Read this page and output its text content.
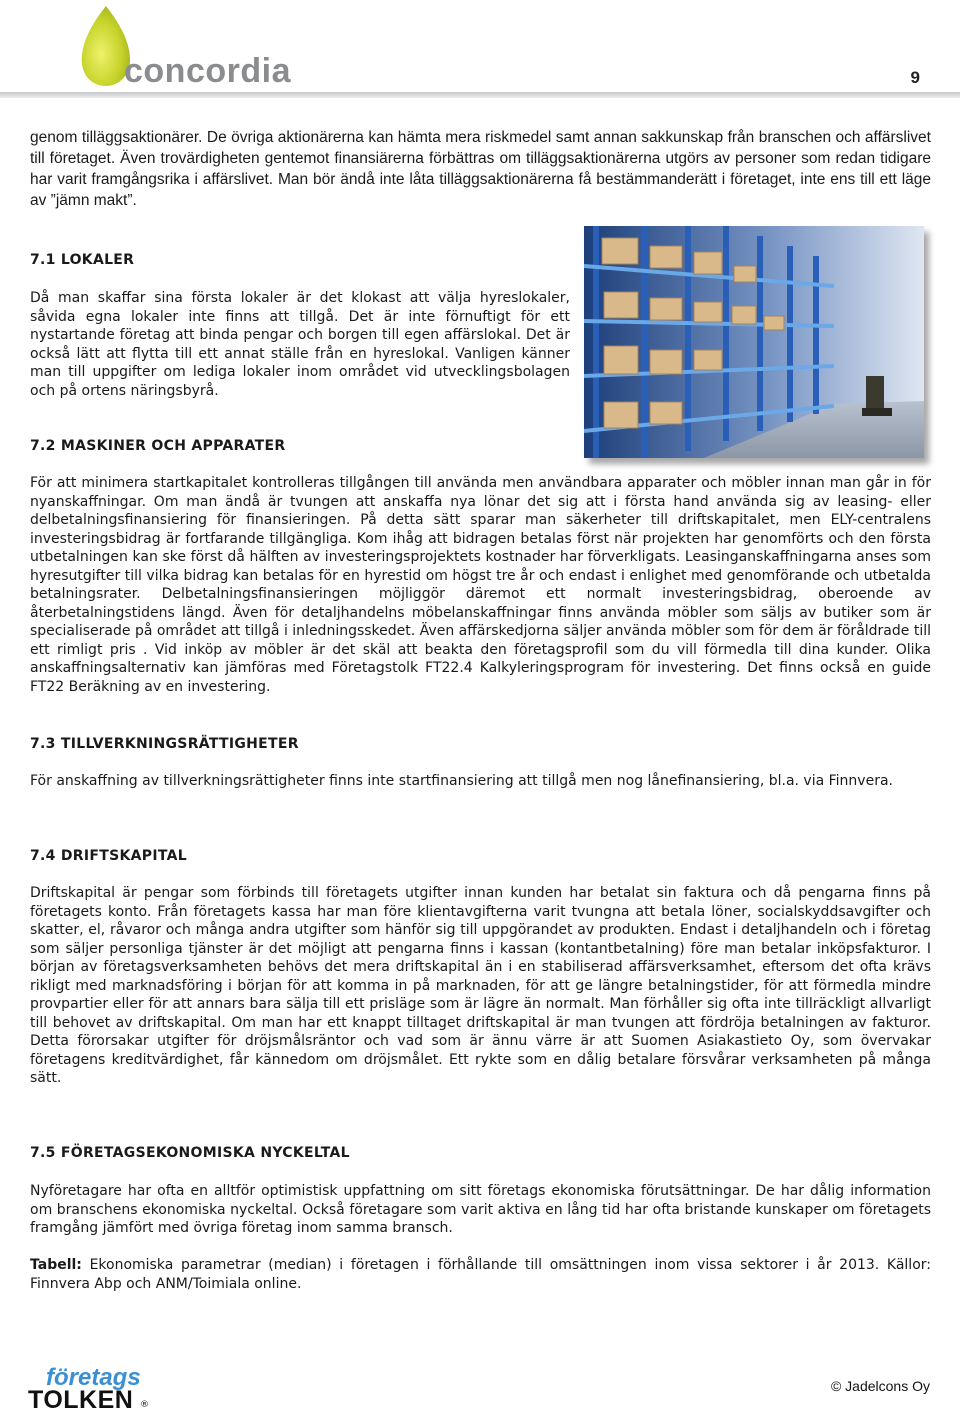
concordia	9

genom tilläggsaktionärer. De övriga aktionärerna kan hämta mera riskmedel samt annan sakkunskap från branschen och affärslivet till företaget. Även trovärdigheten gentemot finansiärerna förbättras om tilläggsaktionärerna utgörs av personer som redan tidigare har varit framgångsrika i affärslivet. Man bör ändå inte låta tilläggsaktionärerna få bestämmanderätt i företaget, inte ens till ett läge av ”jämn makt”.

7.1 LOKALER

Då man skaffar sina första lokaler är det klokast att välja hyreslokaler, såvida egna lokaler inte finns att tillgå. Det är inte förnuftigt för ett nystartande företag att binda pengar och borgen till egen affärslokal. Det är också lätt att flytta till ett annat ställe från en hyreslokal. Vanligen känner man till uppgifter om lediga lokaler inom området vid utvecklingsbolagen och på ortens näringsbyrå.

7.2 MASKINER OCH APPARATER

För att minimera startkapitalet kontrolleras tillgången till använda men användbara apparater och möbler innan man går in för nyanskaffningar. Om man ändå är tvungen att anskaffa nya lönar det sig att i första hand använda sig av leasing- eller delbetalningsfinansiering för finansieringen. På detta sätt sparar man säkerheter till driftskapitalet, men ELY-centralens investeringsbidrag är fortfarande tillgängliga. Kom ihåg att bidragen betalas först när projekten har genomförts och den första utbetalningen kan ske först då hälften av investeringsprojektets kostnader har förverkligats. Leasinganskaffningarna anses som hyresutgifter till vilka bidrag kan betalas för en hyrestid om högst tre år och endast i enlighet med genomförande och utbetalda betalningsrater. Delbetalningsfinansieringen möjliggör däremot ett normalt investeringsbidrag, oberoende av återbetalningstidens längd. Även för detaljhandelns möbelanskaffningar finns använda möbler som säljs av butiker som är specialiserade på området att tillgå i inledningsskedet. Även affärskedjorna säljer använda möbler som för dem är föråldrade till ett rimligt pris . Vid inköp av möbler är det skäl att beakta den företagsprofil som du vill förmedla till dina kunder. Olika anskaffningsalternativ kan jämföras med Företagstolk FT22.4 Kalkyleringsprogram för investering. Det finns också en guide FT22 Beräkning av en investering.

7.3 TILLVERKNINGSRÄTTIGHETER

För anskaffning av tillverkningsrättigheter finns inte startfinansiering att tillgå men nog lånefinansiering, bl.a. via Finnvera.

7.4 DRIFTSKAPITAL

Driftskapital är pengar som förbinds till företagets utgifter innan kunden har betalat sin faktura och då pengarna finns på företagets konto. Från företagets kassa har man före klientavgifterna varit tvungna att betala löner, socialskyddsavgifter och skatter, el, råvaror och många andra utgifter som hänför sig till uppgörandet av produkten. Endast i detaljhandeln och i företag som säljer personliga tjänster är det möjligt att pengarna finns i kassan (kontantbetalning) före man betalar inköpsfakturor. I början av företagsverksamheten behövs det mera driftskapital än i en stabiliserad affärsverksamhet, eftersom det ofta krävs rikligt med marknadsföring i början för att komma in på marknaden, för att ge längre betalningstider, för att förmedla mindre provpartier eller för att annars bara sälja till ett prisläge som är lägre än normalt. Man förhåller sig ofta inte tillräckligt allvarligt till behovet av driftskapital. Om man har ett knappt tilltaget driftskapital är man tvungen att fördröja betalningen av fakturor. Detta förorsakar utgifter för dröjsmålsräntor och vad som är ännu värre är att Suomen Asiakastieto Oy, som övervakar företagens kreditvärdighet, får kännedom om dröjsmålet. Ett rykte som en dålig betalare försvårar verksamheten på många sätt.

7.5 FÖRETAGSEKONOMISKA NYCKELTAL

Nyföretagare har ofta en alltför optimistisk uppfattning om sitt företags ekonomiska förutsättningar. De har dålig information om branschens ekonomiska nyckeltal. Också företagare som varit aktiva en lång tid har ofta bristande kunskaper om företagets framgång jämfört med övriga företag inom samma bransch.

Tabell: Ekonomiska parametrar (median) i företagen i förhållande till omsättningen inom vissa sektorer i år 2013. Källor: Finnvera Abp och ANM/Toimiala online.

företags
TOLKEN ®
© Jadelcons Oy
